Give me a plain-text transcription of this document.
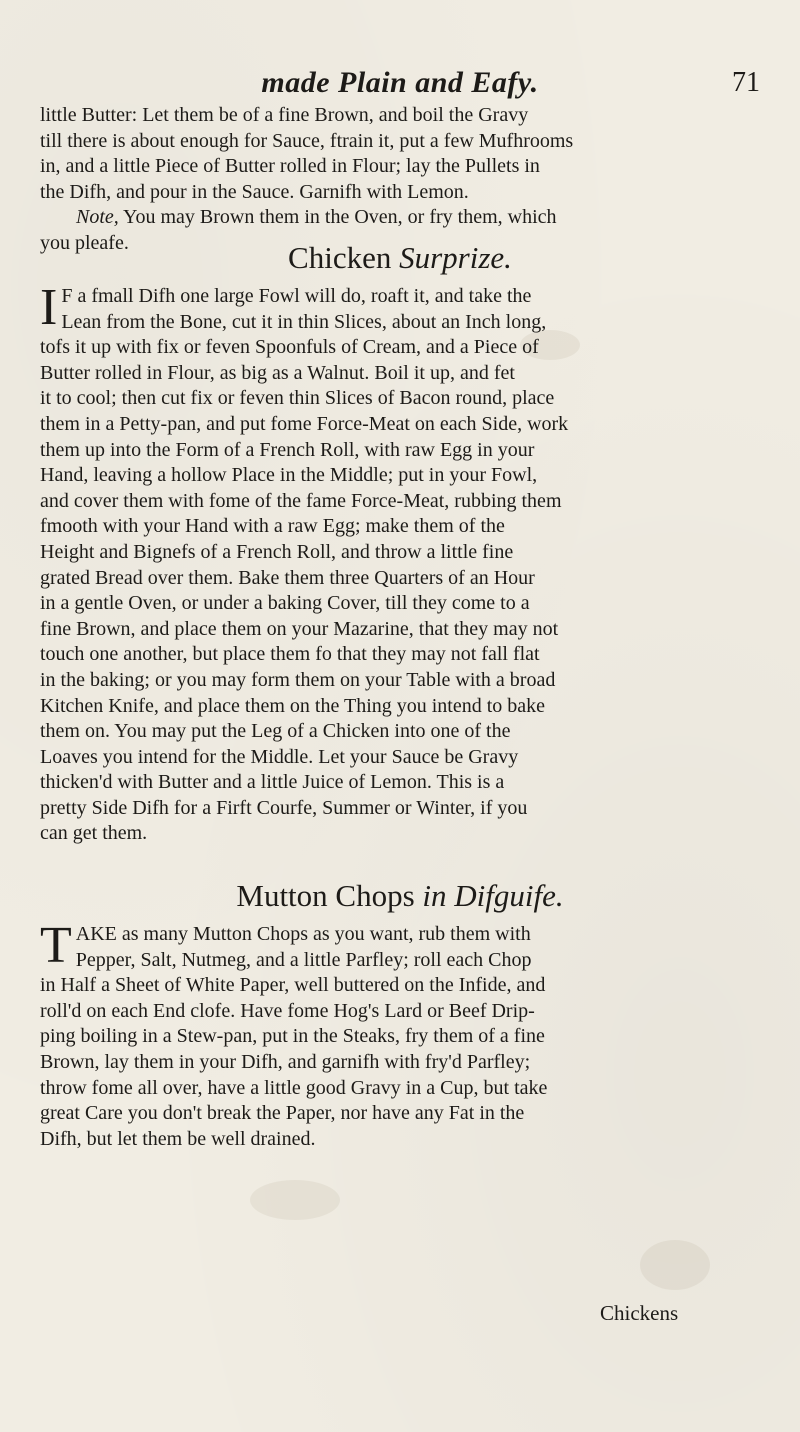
made Plain and Eafy.	71
little Butter: Let them be of a fine Brown, and boil the Gravy
till there is about enough for Sauce, ftrain it, put a few Mufhrooms
in, and a little Piece of Butter rolled in Flour; lay the Pullets in
the Difh, and pour in the Sauce. Garnifh with Lemon.
Note, You may Brown them in the Oven, or fry them, which
you pleafe.	Chicken Surprize.
I F a fmall Difh one large Fowl will do, roaft it, and take the
Lean from the Bone, cut it in thin Slices, about an Inch long,
tofs it up with fix or feven Spoonfuls of Cream, and a Piece of
Butter rolled in Flour, as big as a Walnut. Boil it up, and fet
it to cool; then cut fix or feven thin Slices of Bacon round, place
them in a Petty-pan, and put fome Force-Meat on each Side, work
them up into the Form of a French Roll, with raw Egg in your
Hand, leaving a hollow Place in the Middle; put in your Fowl,
and cover them with fome of the fame Force-Meat, rubbing them
fmooth with your Hand with a raw Egg; make them of the
Height and Bignefs of a French Roll, and throw a little fine
grated Bread over them. Bake them three Quarters of an Hour
in a gentle Oven, or under a baking Cover, till they come to a
fine Brown, and place them on your Mazarine, that they may not
touch one another, but place them fo that they may not fall flat
in the baking; or you may form them on your Table with a broad
Kitchen Knife, and place them on the Thing you intend to bake
them on. You may put the Leg of a Chicken into one of the
Loaves you intend for the Middle. Let your Sauce be Gravy
thicken'd with Butter and a little Juice of Lemon. This is a
pretty Side Difh for a Firft Courfe, Summer or Winter, if you
can get them.
Mutton Chops in Difguife.
T AKE as many Mutton Chops as you want, rub them with
Pepper, Salt, Nutmeg, and a little Parfley; roll each Chop
in Half a Sheet of White Paper, well buttered on the Infide, and
roll'd on each End clofe. Have fome Hog's Lard or Beef Drip-
ping boiling in a Stew-pan, put in the Steaks, fry them of a fine
Brown, lay them in your Difh, and garnifh with fry'd Parfley;
throw fome all over, have a little good Gravy in a Cup, but take
great Care you don't break the Paper, nor have any Fat in the
Difh, but let them be well drained.
Chickens
